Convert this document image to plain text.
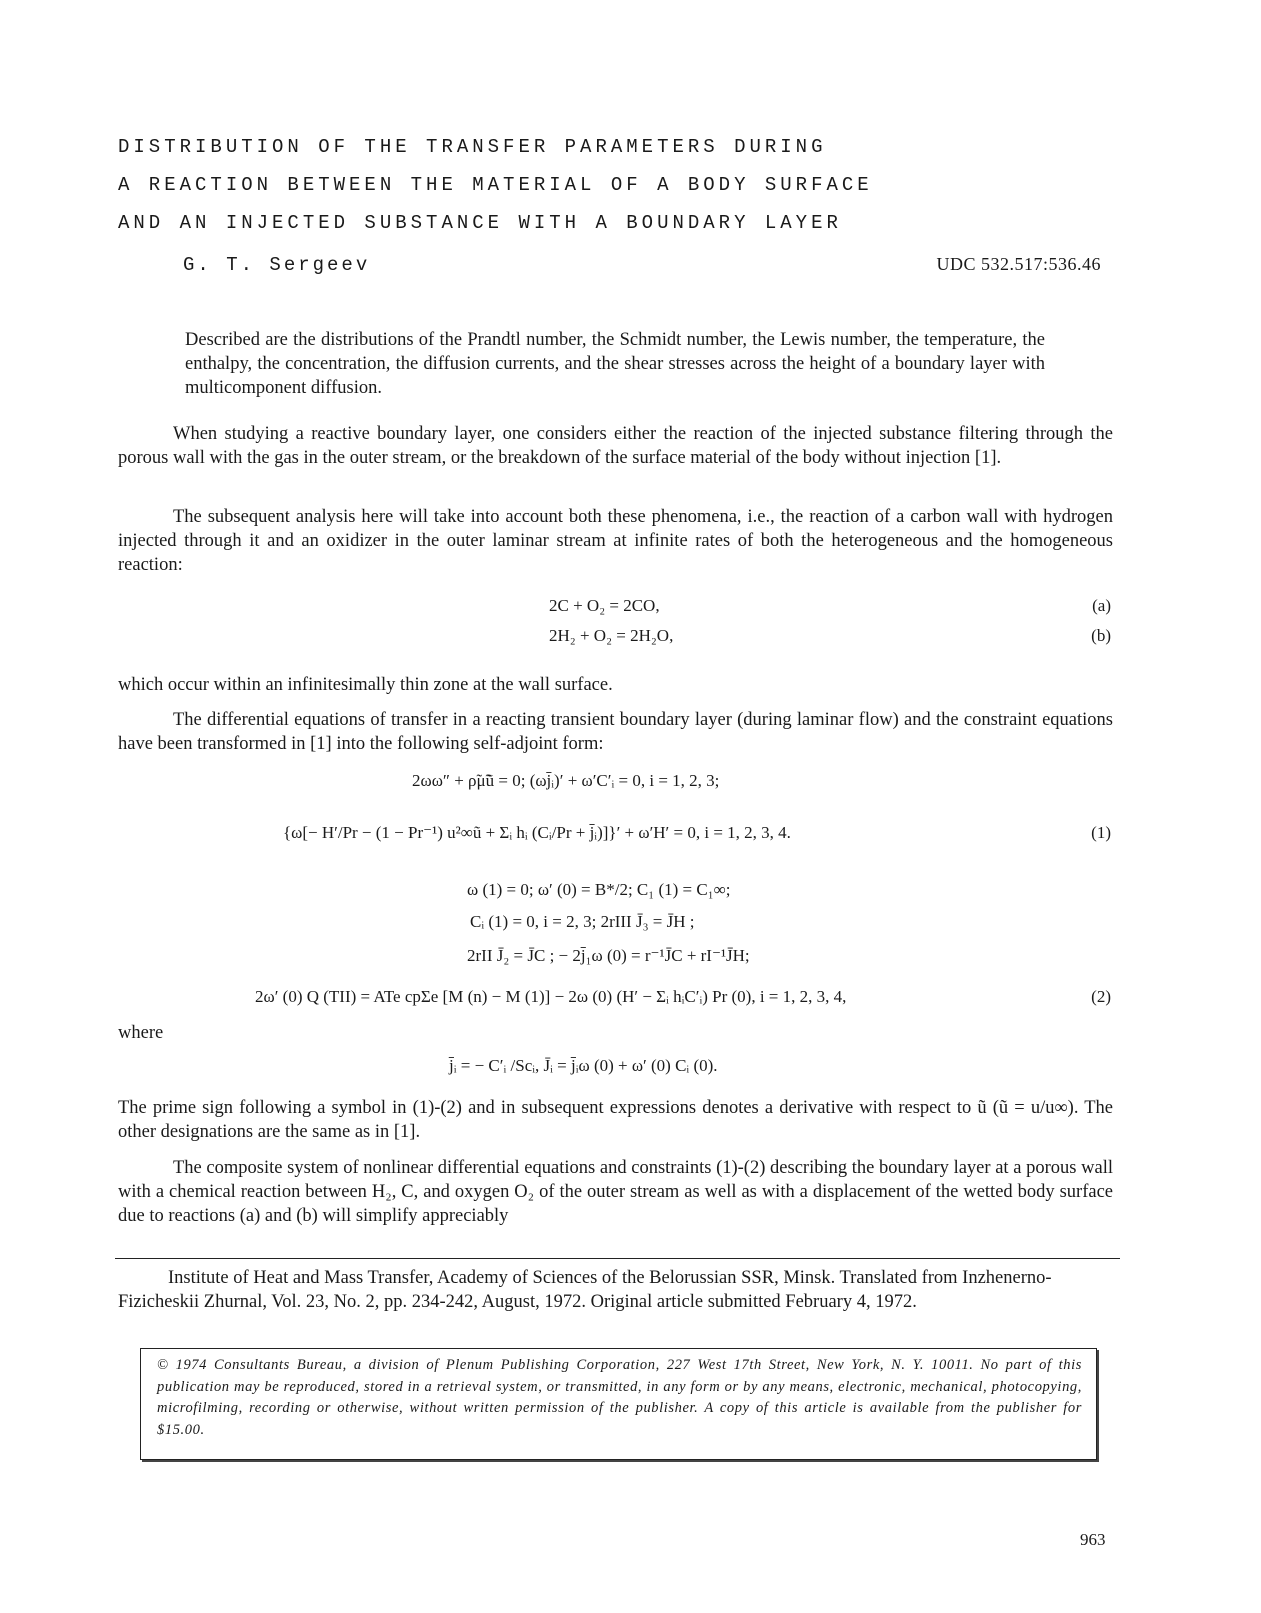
DISTRIBUTION OF THE TRANSFER PARAMETERS DURING
A REACTION BETWEEN THE MATERIAL OF A BODY SURFACE
AND AN INJECTED SUBSTANCE WITH A BOUNDARY LAYER
G. T. Sergeev	UDC 532.517:536.46
Described are the distributions of the Prandtl number, the Schmidt number, the Lewis number, the temperature, the enthalpy, the concentration, the diffusion currents, and the shear stresses across the height of a boundary layer with multicomponent diffusion.
When studying a reactive boundary layer, one considers either the reaction of the injected substance filtering through the porous wall with the gas in the outer stream, or the breakdown of the surface material of the body without injection [1].
The subsequent analysis here will take into account both these phenomena, i.e., the reaction of a carbon wall with hydrogen injected through it and an oxidizer in the outer laminar stream at infinite rates of both the heterogeneous and the homogeneous reaction:
2C + O₂ = 2CO,	(a)
2H₂ + O₂ = 2H₂O,	(b)
which occur within an infinitesimally thin zone at the wall surface.
The differential equations of transfer in a reacting transient boundary layer (during laminar flow) and the constraint equations have been transformed in [1] into the following self-adjoint form:
2ωω″ + ρ̃μ̃ũ = 0; (ωj̄ᵢ)′ + ω′C′ᵢ = 0, i = 1, 2, 3;
{ω[− H′/Pr − (1 − Pr⁻¹) u²∞ũ + Σᵢ hᵢ (Cᵢ/Pr + j̄ᵢ)]}′ + ω′H′ = 0, i = 1, 2, 3, 4.	(1)
ω (1) = 0; ω′ (0) = B*/2; C₁ (1) = C₁∞;
Cᵢ (1) = 0, i = 2, 3; 2rIII J̄₃ = J̄H ;
2rII J̄₂ = J̄C ; − 2j̄₁ω (0) = r⁻¹J̄C + rI⁻¹J̄H;
2ω′ (0) Q (TII) = ATe cpΣe [M (n) − M (1)] − 2ω (0) (H′ − Σᵢ hᵢC′ᵢ) Pr (0), i = 1, 2, 3, 4,	(2)
where
j̄ᵢ = − C′ᵢ /Scᵢ, J̄ᵢ = j̄ᵢω (0) + ω′ (0) Cᵢ (0).
The prime sign following a symbol in (1)-(2) and in subsequent expressions denotes a derivative with respect to ũ (ũ = u/u∞). The other designations are the same as in [1].
The composite system of nonlinear differential equations and constraints (1)-(2) describing the boundary layer at a porous wall with a chemical reaction between H₂, C, and oxygen O₂ of the outer stream as well as with a displacement of the wetted body surface due to reactions (a) and (b) will simplify appreciably
Institute of Heat and Mass Transfer, Academy of Sciences of the Belorussian SSR, Minsk. Translated from Inzhenerno-Fizicheskii Zhurnal, Vol. 23, No. 2, pp. 234-242, August, 1972. Original article submitted February 4, 1972.
© 1974 Consultants Bureau, a division of Plenum Publishing Corporation, 227 West 17th Street, New York, N. Y. 10011. No part of this publication may be reproduced, stored in a retrieval system, or transmitted, in any form or by any means, electronic, mechanical, photocopying, microfilming, recording or otherwise, without written permission of the publisher. A copy of this article is available from the publisher for $15.00.
963
